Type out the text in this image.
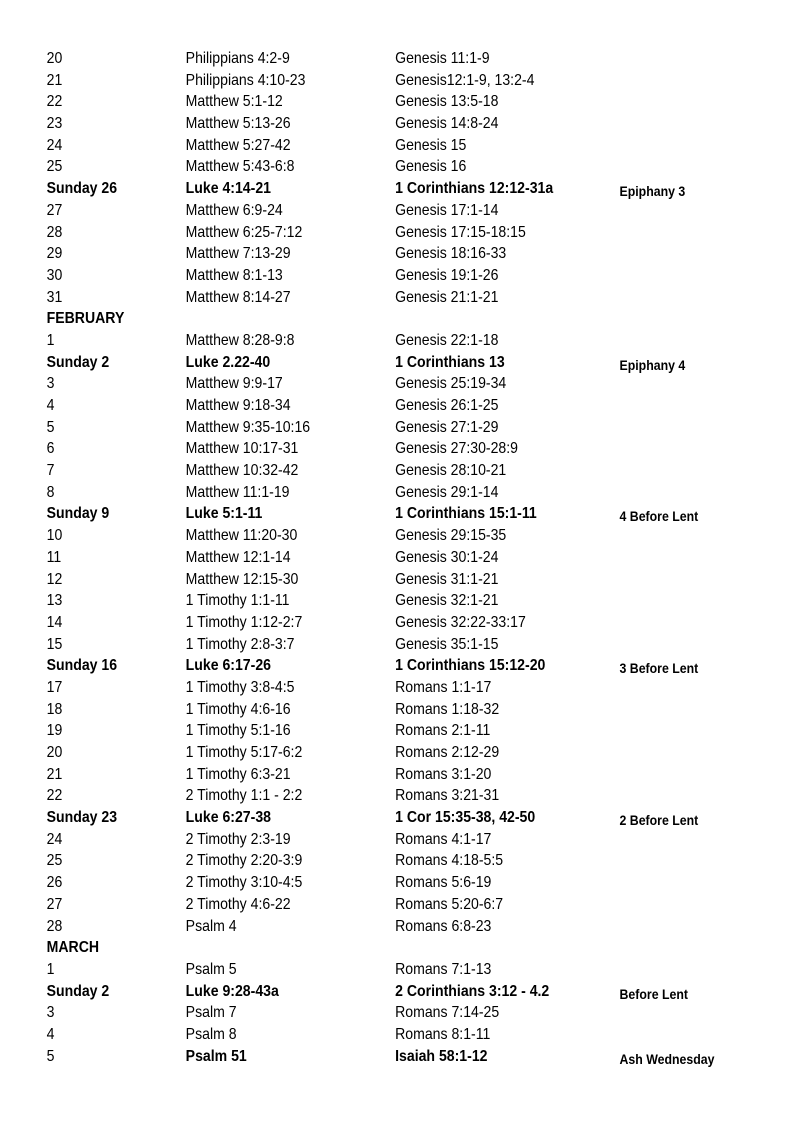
20	Philippians 4:2-9	Genesis 11:1-9
21	Philippians 4:10-23	Genesis12:1-9, 13:2-4
22	Matthew 5:1-12	Genesis 13:5-18
23	Matthew 5:13-26	Genesis 14:8-24
24	Matthew 5:27-42	Genesis 15
25	Matthew 5:43-6:8	Genesis 16
Sunday 26	Luke 4:14-21	1 Corinthians 12:12-31a	Epiphany 3
27	Matthew 6:9-24	Genesis 17:1-14
28	Matthew 6:25-7:12	Genesis 17:15-18:15
29	Matthew 7:13-29	Genesis 18:16-33
30	Matthew 8:1-13	Genesis 19:1-26
31	Matthew 8:14-27	Genesis 21:1-21
FEBRUARY
1	Matthew 8:28-9:8	Genesis 22:1-18
Sunday 2	Luke 2.22-40	1 Corinthians 13	Epiphany 4
3	Matthew 9:9-17	Genesis 25:19-34
4	Matthew 9:18-34	Genesis 26:1-25
5	Matthew 9:35-10:16	Genesis 27:1-29
6	Matthew 10:17-31	Genesis 27:30-28:9
7	Matthew 10:32-42	Genesis 28:10-21
8	Matthew 11:1-19	Genesis 29:1-14
Sunday 9	Luke 5:1-11	1 Corinthians 15:1-11	4 Before Lent
10	Matthew 11:20-30	Genesis 29:15-35
11	Matthew 12:1-14	Genesis 30:1-24
12	Matthew 12:15-30	Genesis 31:1-21
13	1 Timothy 1:1-11	Genesis 32:1-21
14	1 Timothy 1:12-2:7	Genesis 32:22-33:17
15	1 Timothy 2:8-3:7	Genesis 35:1-15
Sunday 16	Luke 6:17-26	1 Corinthians 15:12-20	3 Before Lent
17	1 Timothy 3:8-4:5	Romans 1:1-17
18	1 Timothy 4:6-16	Romans 1:18-32
19	1 Timothy 5:1-16	Romans 2:1-11
20	1 Timothy 5:17-6:2	Romans 2:12-29
21	1 Timothy 6:3-21	Romans 3:1-20
22	2 Timothy 1:1 - 2:2	Romans 3:21-31
Sunday 23	Luke 6:27-38	1 Cor 15:35-38, 42-50	2 Before Lent
24	2 Timothy 2:3-19	Romans 4:1-17
25	2 Timothy 2:20-3:9	Romans 4:18-5:5
26	2 Timothy 3:10-4:5	Romans 5:6-19
27	2 Timothy 4:6-22	Romans 5:20-6:7
28	Psalm 4	Romans 6:8-23
MARCH
1	Psalm 5	Romans 7:1-13
Sunday 2	Luke 9:28-43a	2 Corinthians 3:12 - 4.2	Before Lent
3	Psalm 7	Romans 7:14-25
4	Psalm 8	Romans 8:1-11
5	Psalm 51	Isaiah 58:1-12	Ash Wednesday
